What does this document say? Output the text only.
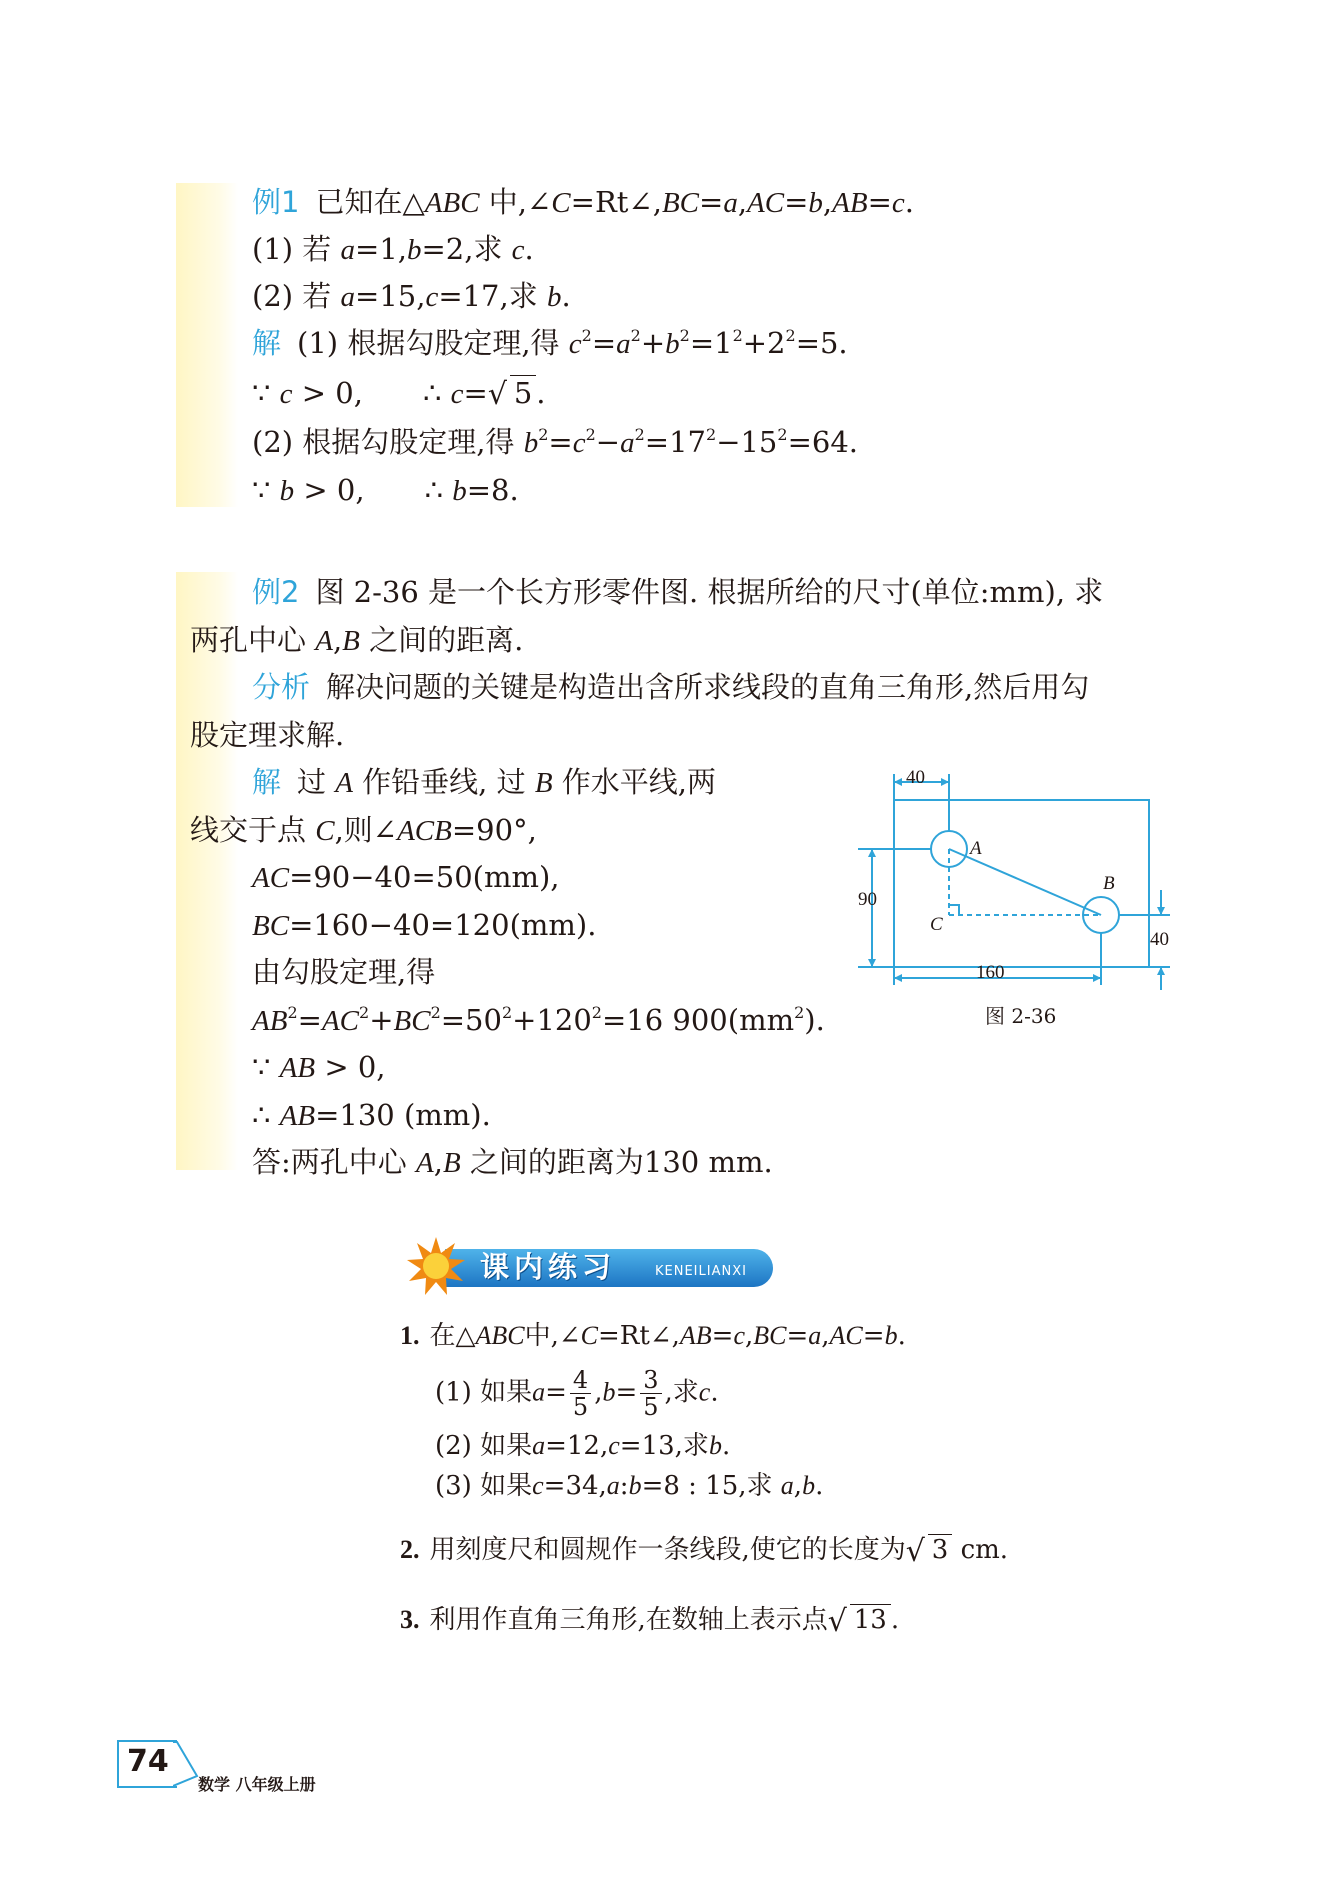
例1 已知在△ABC 中,∠C=Rt∠,BC=a,AC=b,AB=c.
(1) 若 a=1,b=2,求 c.
(2) 若 a=15,c=17,求 b.
解 (1) 根据勾股定理,得 $c^2=a^2+b^2=1^2+2^2=5$.
∵ c > 0, ∴ c= √ 5 .
(2) 根据勾股定理,得 $b^2=c^2-a^2=17^2-15^2=64$.
∵ b > 0, ∴ b=8.
例2 图 2-36 是一个长方形零件图. 根据所给的尺寸(单位:mm), 求
两孔中心 A,B 之间的距离.
分析 解决问题的关键是构造出含所求线段的直角三角形,然后用勾
股定理求解.
解 过 A 作铅垂线, 过 B 作水平线,两
线交于点 C,则∠ACB=90°,
AC=90−40=50(mm),
BC=160−40=120(mm).
由勾股定理,得
$AB^2=AC^2+BC^2=50^2+120^2=16$ $900(mm^2)$.
∵ AB > 0,
∴ AB=130 (mm).
答:两孔中心 A,B 之间的距离为130 mm.
40
90
160
40
A
B
C
图 2-36
课内练习	KENEILIANXI
1. 在△ABC中,∠C=Rt∠,AB=c,BC=a,AC=b.
(1) 如果$a= \frac{4}{5} ,b= \frac{3}{5}$ ,求c.
(2) 如果a=12,c=13,求b.
(3) 如果c=34,a:b=8 : 15,求 a,b.
2. 用刻度尺和圆规作一条线段,使它的长度为 √ 3 cm.
3. 利用作直角三角形,在数轴上表示点 √ 13 .
74
数学 八年级上册
